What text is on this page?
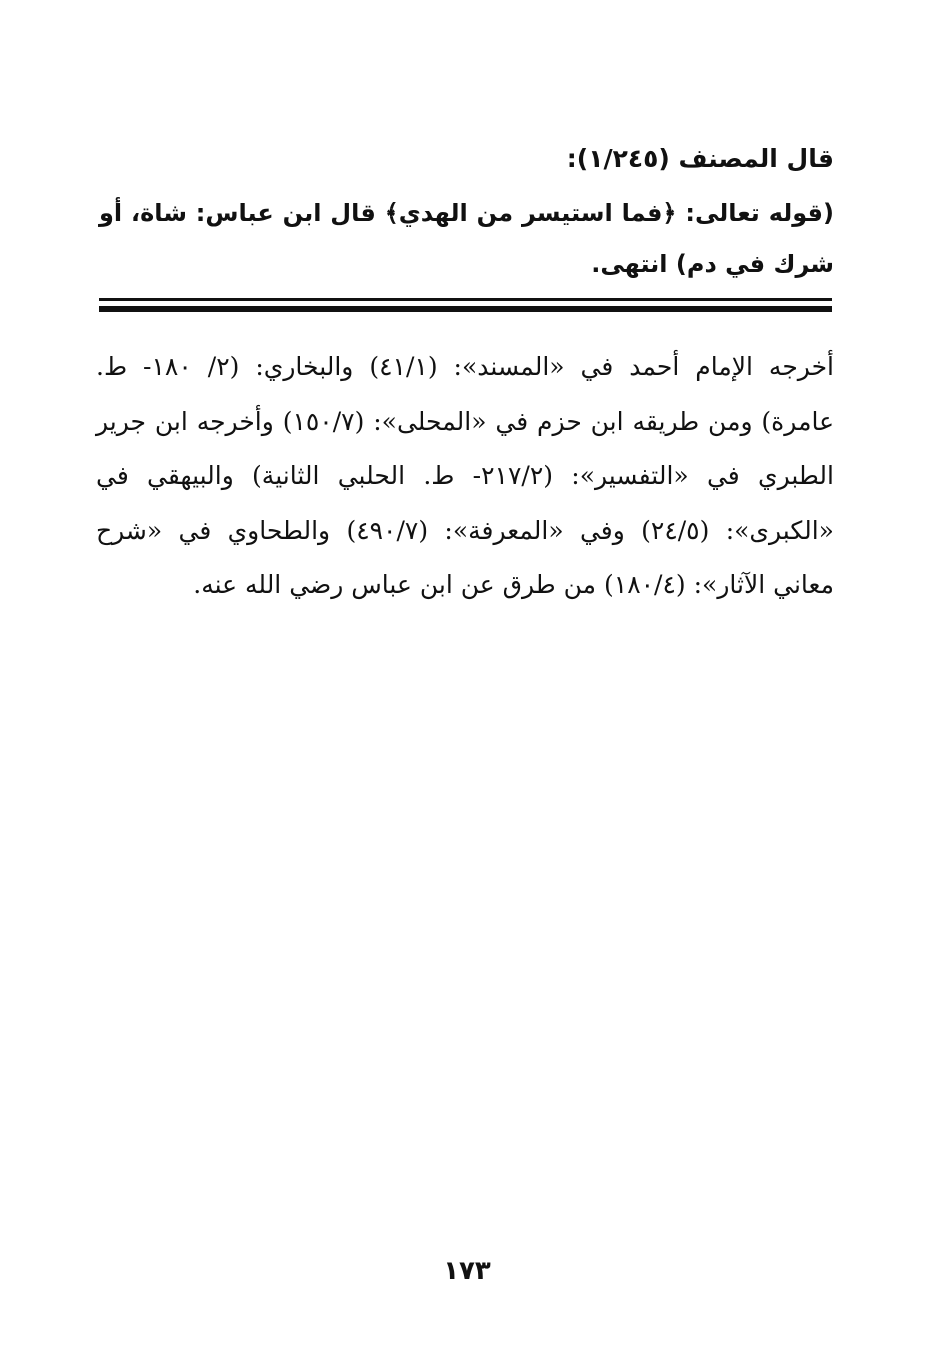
قال المصنف (١/٢٤٥):
(قوله تعالى: ﴿فما استيسر من الهدي﴾ قال ابن عباس: شاة، أو شرك في دم) انتهى.
أخرجه الإمام أحمد في «المسند»: (٤١/١) والبخاري: (٢/ ١٨٠- ط. عامرة) ومن طريقه ابن حزم في «المحلى»: (١٥٠/٧) وأخرجه ابن جرير الطبري في «التفسير»: (٢١٧/٢- ط. الحلبي الثانية) والبيهقي في «الكبرى»: (٢٤/٥) وفي «المعرفة»: (٤٩٠/٧) والطحاوي في «شرح معاني الآثار»: (١٨٠/٤) من طرق عن ابن عباس رضي الله عنه.
١٧٣
